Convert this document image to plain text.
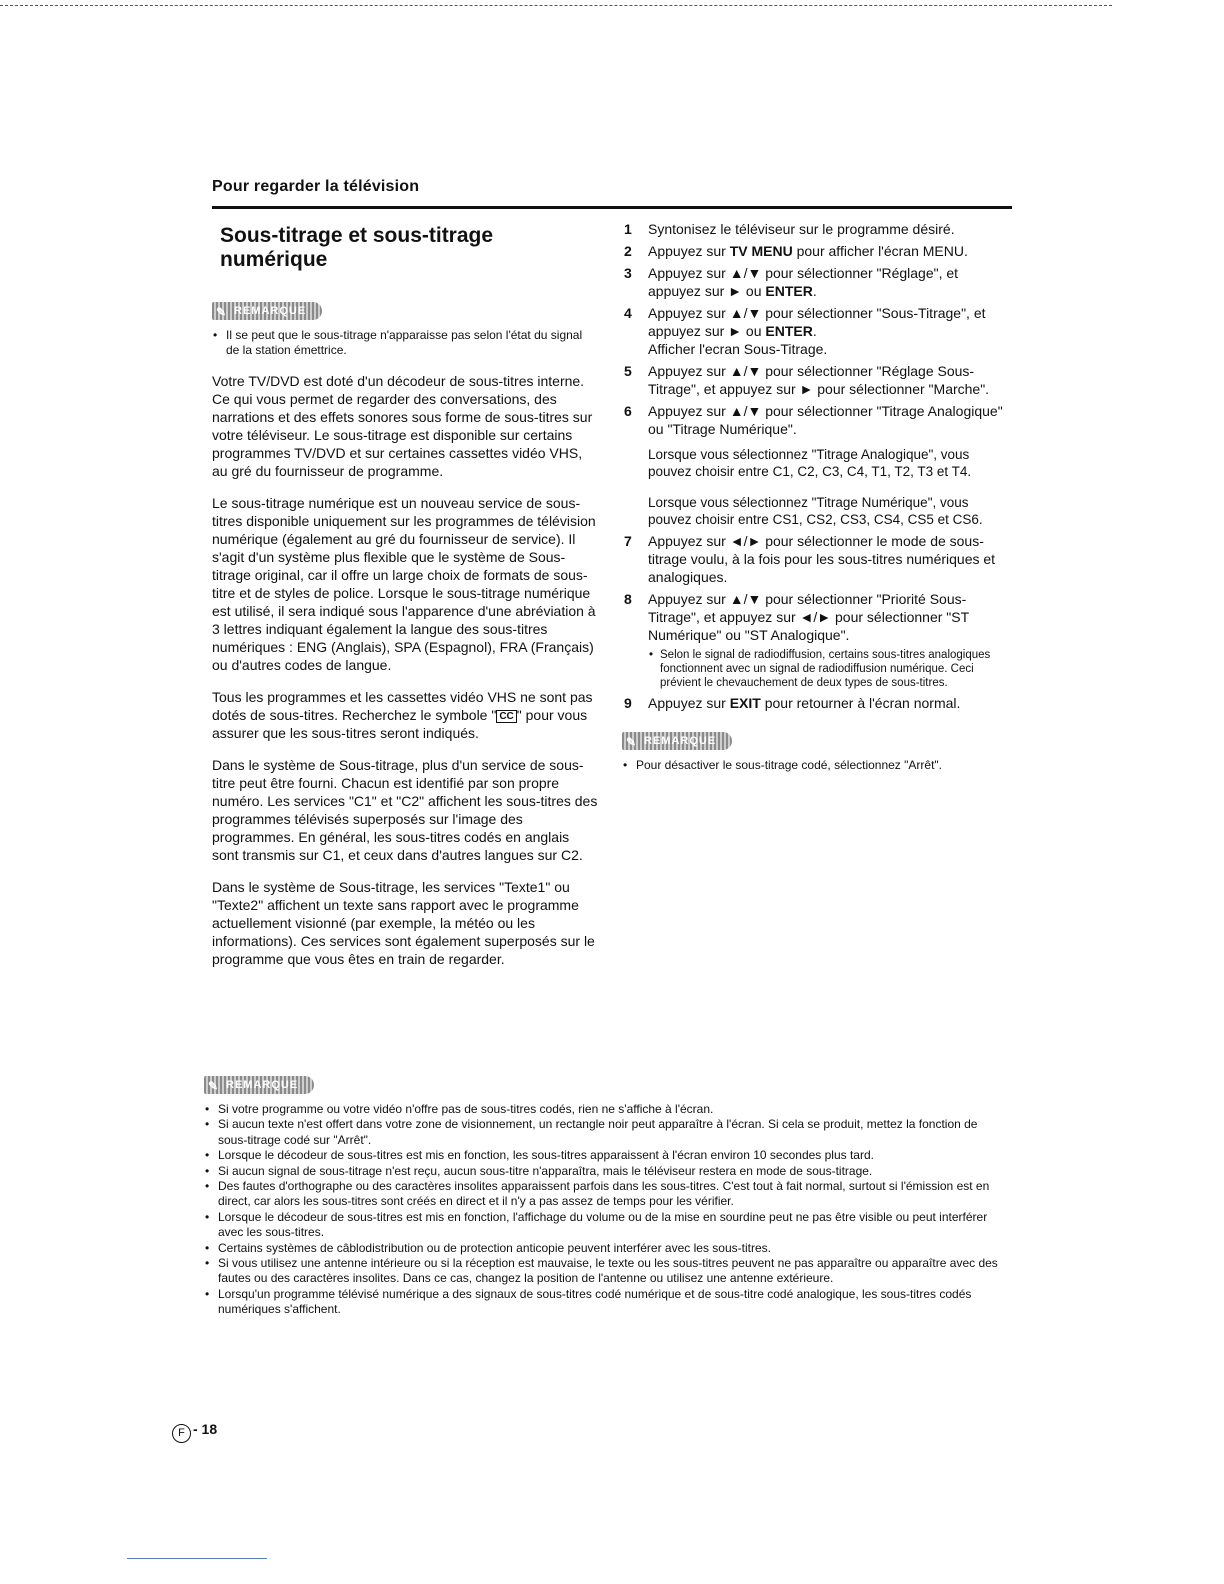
Pour regarder la télévision
Sous-titrage et sous-titrage
numérique
✎ REMARQUE
• Il se peut que le sous-titrage n'apparaisse pas selon l'état du signal de la station émettrice.

Votre TV/DVD est doté d'un décodeur de sous-titres interne. Ce qui vous permet de regarder des conversations, des narrations et des effets sonores sous forme de sous-titres sur votre téléviseur. Le sous-titrage est disponible sur certains programmes TV/DVD et sur certaines cassettes vidéo VHS, au gré du fournisseur de programme.

Le sous-titrage numérique est un nouveau service de sous-titres disponible uniquement sur les programmes de télévision numérique (également au gré du fournisseur de service). Il s'agit d'un système plus flexible que le système de Sous-titrage original, car il offre un large choix de formats de sous-titre et de styles de police. Lorsque le sous-titrage numérique est utilisé, il sera indiqué sous l'apparence d'une abréviation à 3 lettres indiquant également la langue des sous-titres numériques : ENG (Anglais), SPA (Espagnol), FRA (Français) ou d'autres codes de langue.

Tous les programmes et les cassettes vidéo VHS ne sont pas dotés de sous-titres. Recherchez le symbole " CC " pour vous assurer que les sous-titres seront indiqués.

Dans le système de Sous-titrage, plus d'un service de sous-titre peut être fourni. Chacun est identifié par son propre numéro. Les services "C1" et "C2" affichent les sous-titres des programmes télévisés superposés sur l'image des programmes. En général, les sous-titres codés en anglais sont transmis sur C1, et ceux dans d'autres langues sur C2.

Dans le système de Sous-titrage, les services "Texte1" ou "Texte2" affichent un texte sans rapport avec le programme actuellement visionné (par exemple, la météo ou les informations). Ces services sont également superposés sur le programme que vous êtes en train de regarder.

1 Syntonisez le téléviseur sur le programme désiré.
2 Appuyez sur TV MENU pour afficher l'écran MENU.
3 Appuyez sur ▲/▼ pour sélectionner "Réglage", et appuyez sur ► ou ENTER.
4 Appuyez sur ▲/▼ pour sélectionner "Sous-Titrage", et appuyez sur ► ou ENTER.
Afficher l'ecran Sous-Titrage.
5 Appuyez sur ▲/▼ pour sélectionner "Réglage Sous-Titrage", et appuyez sur ► pour sélectionner "Marche".
6 Appuyez sur ▲/▼ pour sélectionner "Titrage Analogique" ou "Titrage Numérique".
Lorsque vous sélectionnez "Titrage Analogique", vous pouvez choisir entre C1, C2, C3, C4, T1, T2, T3 et T4.
Lorsque vous sélectionnez "Titrage Numérique", vous pouvez choisir entre CS1, CS2, CS3, CS4, CS5 et CS6.
7 Appuyez sur ◄/► pour sélectionner le mode de sous-titrage voulu, à la fois pour les sous-titres numériques et analogiques.
8 Appuyez sur ▲/▼ pour sélectionner "Priorité Sous-Titrage", et appuyez sur ◄/► pour sélectionner "ST Numérique" ou "ST Analogique".
• Selon le signal de radiodiffusion, certains sous-titres analogiques fonctionnent avec un signal de radiodiffusion numérique. Ceci prévient le chevauchement de deux types de sous-titres.
9 Appuyez sur EXIT pour retourner à l'écran normal.
✎ REMARQUE
• Pour désactiver le sous-titrage codé, sélectionnez "Arrêt".
✎ REMARQUE
• Si votre programme ou votre vidéo n'offre pas de sous-titres codés, rien ne s'affiche à l'écran.
• Si aucun texte n'est offert dans votre zone de visionnement, un rectangle noir peut apparaître à l'écran. Si cela se produit, mettez la fonction de sous-titrage codé sur "Arrêt".
• Lorsque le décodeur de sous-titres est mis en fonction, les sous-titres apparaissent à l'écran environ 10 secondes plus tard.
• Si aucun signal de sous-titrage n'est reçu, aucun sous-titre n'apparaîtra, mais le téléviseur restera en mode de sous-titrage.
• Des fautes d'orthographe ou des caractères insolites apparaissent parfois dans les sous-titres. C'est tout à fait normal, surtout si l'émission est en direct, car alors les sous-titres sont créés en direct et il n'y a pas assez de temps pour les vérifier.
• Lorsque le décodeur de sous-titres est mis en fonction, l'affichage du volume ou de la mise en sourdine peut ne pas être visible ou peut interférer avec les sous-titres.
• Certains systèmes de câblodistribution ou de protection anticopie peuvent interférer avec les sous-titres.
• Si vous utilisez une antenne intérieure ou si la réception est mauvaise, le texte ou les sous-titres peuvent ne pas apparaître ou apparaître avec des fautes ou des caractères insolites. Dans ce cas, changez la position de l'antenne ou utilisez une antenne extérieure.
• Lorsqu'un programme télévisé numérique a des signaux de sous-titres codé numérique et de sous-titre codé analogique, les sous-titres codés numériques s'affichent.
F - 18
